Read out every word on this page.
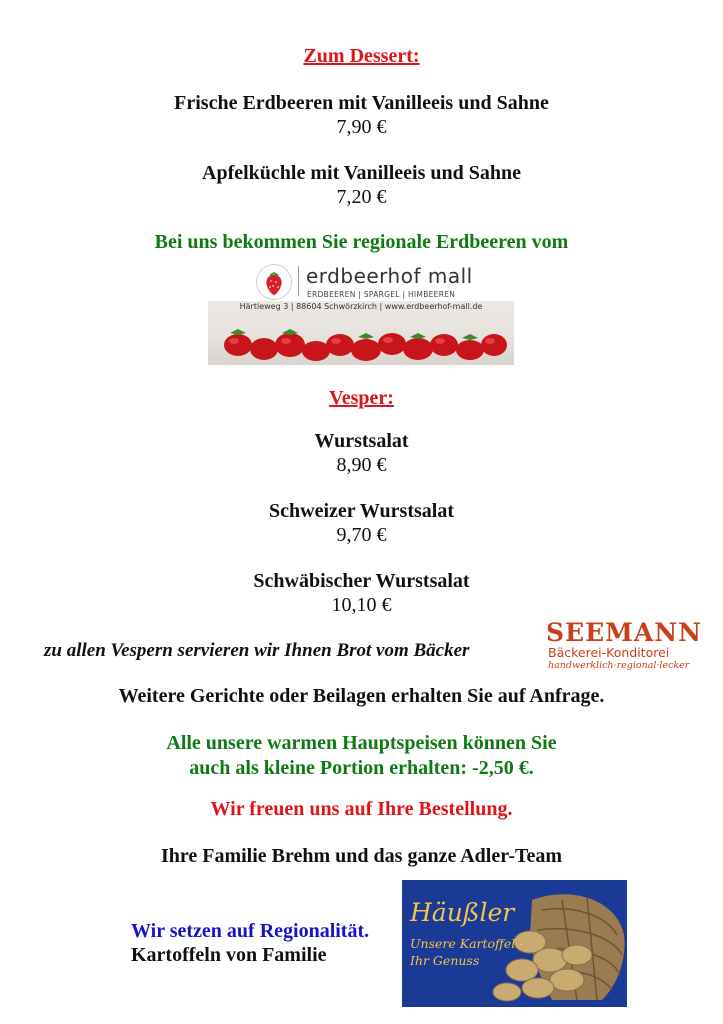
Zum Dessert:
Frische Erdbeeren mit Vanilleeis und Sahne
7,90 €
Apfelküchle mit Vanilleeis und Sahne
7,20 €
Bei uns bekommen Sie regionale Erdbeeren vom
erdbeerhof mall
ERDBEEREN | SPARGEL | HIMBEEREN
Härtleweg 3 | 88604 Schwörzkirch | www.erdbeerhof-mall.de
Vesper:
Wurstsalat
8,90 €
Schweizer Wurstsalat
9,70 €
Schwäbischer Wurstsalat
10,10 €
zu allen Vespern servieren wir Ihnen Brot vom Bäcker
SEEMANN
Bäckerei-Konditorei
handwerklich·regional·lecker
Weitere Gerichte oder Beilagen erhalten Sie auf Anfrage.
Alle unsere warmen Hauptspeisen können Sie
auch als kleine Portion erhalten: -2,50 €.
Wir freuen uns auf Ihre Bestellung.
Ihre Familie Brehm und das ganze Adler-Team
Wir setzen auf Regionalität.
Kartoffeln von Familie
Häußler
Unsere Kartoffel -
Ihr Genuss
